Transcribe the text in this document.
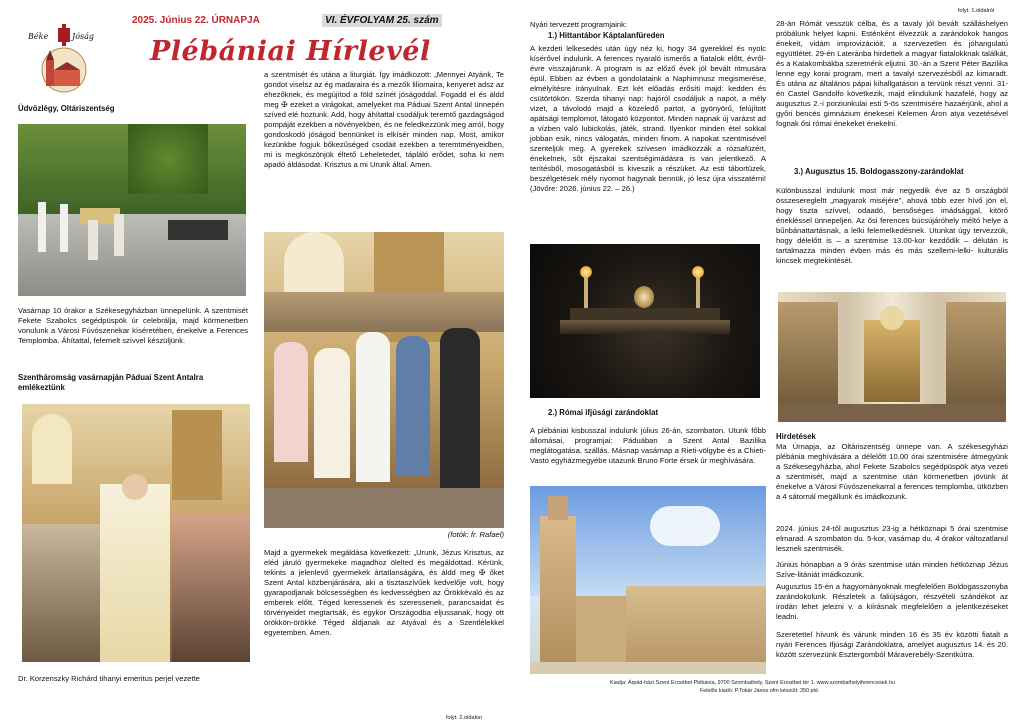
Béke	Jóság
Üdvözlégy, Oltáriszentség
Vasárnap 10 órakor a Székesegyházban ünnepelünk. A szentmisét Fekete Szabolcs segédpüspök úr celebrálja, majd körmenetben vonulunk a Városi Fúvószenekar kíséretében, énekelve a Ferences Templomba. Áhítattal, felemelt szívvel készüljünk.
Szentháromság vasárnapján Páduai Szent Antalra emlékeztünk
Dr. Korzenszky Richárd tihanyi emeritus perjel vezette
2025. Június 22. ÚRNAPJA	VI. ÉVFOLYAM 25. szám
Plébániai Hírlevél
a szentmisét és utána a liturgiát. Így imádkozott: „Mennyei Atyánk, Te gondot viselsz az ég madaraira és a mezők liliomaira, kenyeret adsz az éhezőknek, és megújítod a föld színét jóságoddal. Fogadd el és áldd meg ✠ ezeket a virágokat, amelyeket ma Páduai Szent Antal ünnepén szíved elé hoztunk. Add, hogy áhítattal csodáljuk teremtő gazdagságod pompáját ezekben a növényekben, és ne feledkezzünk meg arról, hogy gondoskodó jóságod bennünket is elkísér minden nap. Most, amikor kezünkbe fogjuk bőkezűséged csodáit ezekben a teremtményeidben, mi is megkószönjük éltető Leheletedet, tápláló erődet, soha ki nem apadó áldásodat. Krisztus a mi Urunk által. Amen.
(fotók: fr. Rafael)
Majd a gyermekek megáldása következett: „Urunk, Jézus Krisztus, az eléd járuló gyermekeke magadhoz ölelted és megáldottad. Kérünk, tekints a jelenlevő gyermekek ártatlanságára, és áldd meg ✠ őket Szent Antal közbenjárására, aki a tisztaszívűek kedvelője volt, hogy gyarapodjanak bölcsességben és kedvességben az Örökkévaló és az emberek előtt. Téged keressenek és szeressenek, parancsaidat és törvényeidet megtartsák, és egykor Országodba eljussanak, hogy ott örökkön-örökké Téged áldjanak az Atyával és a Szentlélekkel egyetemben. Amen.
folyt. 2.oldalon
Nyári tervezett programjaink:
1.) Hittantábor Káptalanfüreden
A kezdeti lelkesedés után úgy néz ki, hogy 34 gyerekkel és nyolc kísérővel indulunk. A ferences nyaraló ismerős a fiatalok előtt, évről-évre visszajárunk. A program is az előző évek jól bevált ritmusára épül. Ebben az évben a gondolataink a Naphimnusz megismerése, elmélyítésre irányulnak. Ezt két előadás erősíti majd: kedden és csütörtökön. Szerda tihanyi nap: hajóról csodáljuk a napot, a mély vizet, a távolodó majd a közeledő partot, a gyönyörű, felújított apátsági templomot, látogató központot. Minden napnak új varázst ad a vízben való lubickolás, játék, strand. Ilyenkor minden étel sokkal jobban esik, nincs válogatás, minden finom. A napokat szentmisével szenteljük meg. A gyerekek szívesen imádkozzák a rózsafüzért, énekelnek, sőt éjszakai szentségimádásra is van jelentkező. A terítésből, mosogatásból is kiveszik a részüket. Az esti tábortüzek, beszélgetések mély nyomot hagynak bennük, jó lesz újra visszatérni! (Jövőre: 2026. június 22. – 26.)
2.) Római ifjúsági zarándoklat
A plébániai kisbusszal indulunk július 26-án, szombaton. Utunk főbb állomásai, programjai: Páduában a Szent Antal Bazilika meglátogatása, szállás. Másnap vasárnap a Rieti-völgybe és a Chieti-Vasto egyházmegyébe utazunk Bruno Forte érsek úr meghívására.
Kiadja: Árpád-házi Szent Erzsébet Plébánia, 9700 Szombathely, Szent Erzsébet tér 1. www.szombathelyiferencesek.hu
Felelős kiadó: P.Tokár János ofm készült: 350 pld.
folyt. 1.oldalról
28-án Rómát vesszük célba, és a tavaly jól bevált szálláshelyen próbálunk helyet kapni. Esténként élvezzük a zarándokok hangos énekeit, vidám improvizációit, a szervezetlen és jóhangulatú együttlétet. 29-én Lateránba hirdettek a magyar fiatalokknak találkát, és a Katakombákba szeretnénk eljutni. 30.-án a Szent Péter Bazilika lenne egy korai program, mert a tavalyi szervezésből az kimaradt. És utána az általános pápai kihallgatáson a tervünk részt venni. 31-én Castel Gandolfo következik, majd elindulunk hazafelé, hogy az augusztus 2.-i porziunkulai esti 5-ös szentmisére hazaérjünk, ahol a győri bencés gimnázium énekesei Kelemen Áron atya vezetésével fognak ősi római énekeket énekelni.
3.) Augusztus 15. Boldogasszony-zarándoklat
Különbusszal indulunk most már negyedik éve az 5 országból összeseregleltt „magyarok miséjére”, ahová több ezer hívő jön el, hogy tiszta szívvel, odaadó, bensőséges imádsággal, kitörő énekléssel ünnepeljen. Az ősi ferences búcsújáróhely méltó helye a bűnbánattartásnak, a lelki felemelkedésnek. Utunkat úgy tervezzük, hogy délelőtt is – a szentmise 13.00-kor kezdődik – délután is tartalmazza minden évben más és más szellemi-lelki- kulturális kincsek megtekintését.
Hirdetések
Ma Úrnapja, az Oltáriszentség ünnepe van. A székesegyházi plébánia meghívására a délelőtt 10.00 órai szentmisére átmegyünk a Székesegyházba, ahol Fekete Szabolcs segédpüspök atya vezeti a szentmisét, majd a szentmise után körmenetben jövünk át énekelve a Városi Fúvószenekarral a ferences templomba, ütközben a 4 sátornál megállunk és imádkozunk.
2024. június 24-től augusztus 23-ig a hétköznapi 5 órai szentmise elmarad. A szombaton du. 5-kor, vasárnap du. 4 órakor változatlanul lesznek szentmisék.
Június hónapban a 9 órás szentmise után minden hétköznap Jézus Szíve-litániát imádkozunk.
Augusztus 15-én a hagyományoknak megfelelően Boldogasszonyba zarándokolunk. Részletek a faliújságon, részvételi szándékot az irodán lehet jelezni v. a kiírásnak megfelelően a jelentkezéseket leadni.
Szeretettel hívunk és várunk minden 16 és 35 év közötti fiatalt a nyári Ferences Ifjúsági Zarándoklatra, amelyet augusztus 14. és 20. között szervezünk Esztergomból Máraverebély-Szentkútra.
